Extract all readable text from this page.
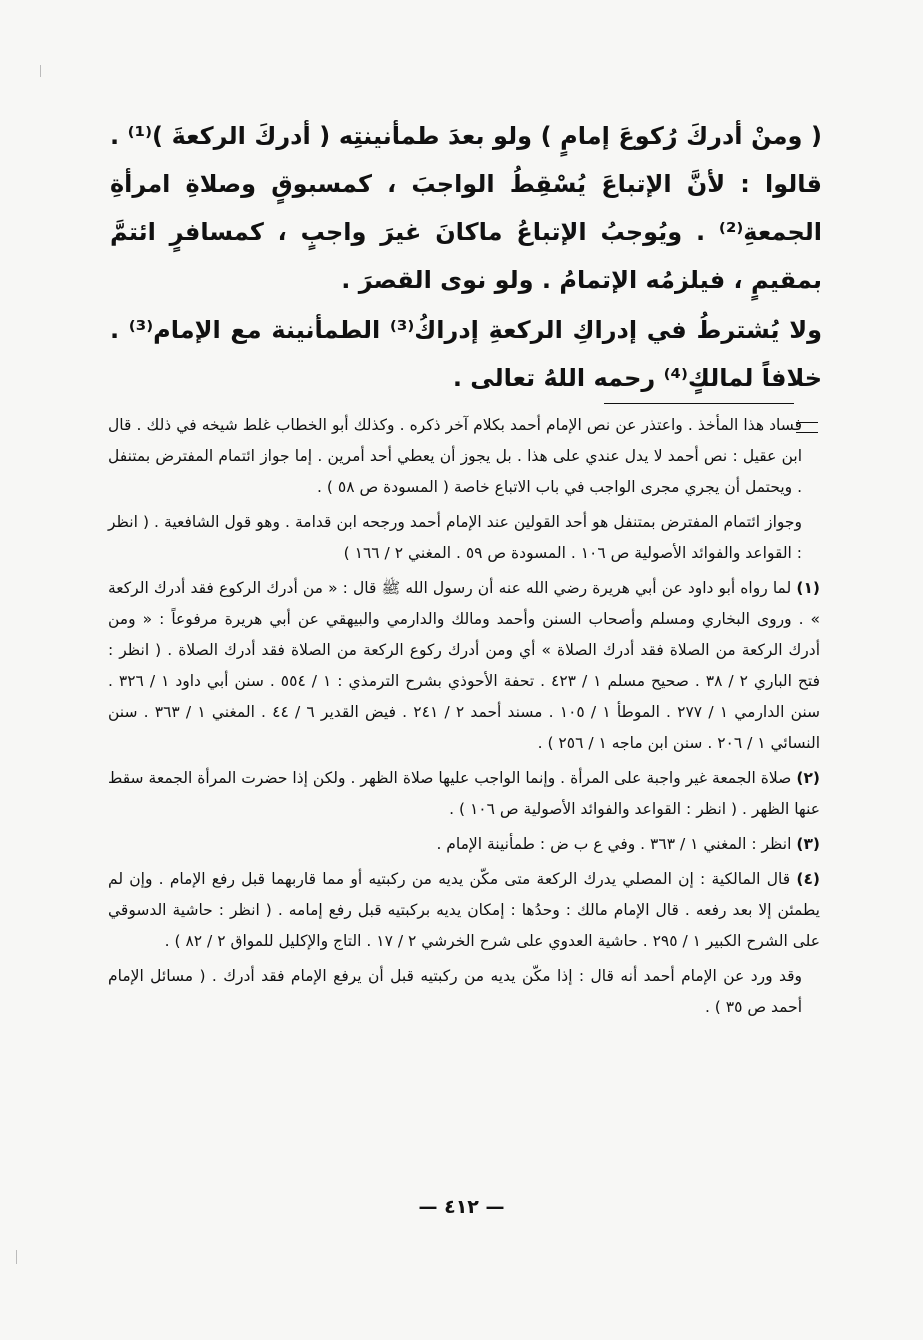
( ومنْ أدركَ رُكوعَ إمامٍ ) ولو بعدَ طمأنينتِه ( أدركَ الركعةَ )⁽¹⁾ . قالوا : لأنَّ الإتباعَ يُسْقِطُ الواجبَ ، كمسبوقٍ وصلاةِ امرأةِ الجمعةِ⁽²⁾ . ويُوجبُ الإتباعُ ماكانَ غيرَ واجبٍ ، كمسافرٍ ائتمَّ بمقيمٍ ، فيلزمُه الإتمامُ . ولو نوى القصرَ .

ولا يُشترطُ في إدراكِ الركعةِ إدراكُ⁽³⁾ الطمأنينة مع الإمام⁽³⁾ . خلافاً لمالكٍ⁽⁴⁾ رحمه اللهُ تعالى .

فساد هذا المأخذ . واعتذر عن نص الإمام أحمد بكلام آخر ذكره . وكذلك أبو الخطاب غلط شيخه في ذلك . قال ابن عقيل : نص أحمد لا يدل عندي على هذا . بل يجوز أن يعطي أحد أمرين . إما جواز ائتمام المفترض بمتنفل . ويحتمل أن يجري مجرى الواجب في باب الاتباع خاصة ( المسودة ص ٥٨ ) .

وجواز ائتمام المفترض بمتنفل هو أحد القولين عند الإمام أحمد ورجحه ابن قدامة . وهو قول الشافعية . ( انظر : القواعد والفوائد الأصولية ص ١٠٦ . المسودة ص ٥٩ . المغني ٢ / ١٦٦ )

(١) لما رواه أبو داود عن أبي هريرة رضي الله عنه أن رسول الله ﷺ قال : « من أدرك الركوع فقد أدرك الركعة » . وروى البخاري ومسلم وأصحاب السنن وأحمد ومالك والدارمي والبيهقي عن أبي هريرة مرفوعاً : « ومن أدرك الركعة من الصلاة فقد أدرك الصلاة » أي ومن أدرك ركوع الركعة من الصلاة فقد أدرك الصلاة . ( انظر : فتح الباري ٢ / ٣٨ . صحيح مسلم ١ / ٤٢٣ . تحفة الأحوذي بشرح الترمذي : ١ / ٥٥٤ . سنن أبي داود ١ / ٣٢٦ . سنن الدارمي ١ / ٢٧٧ . الموطأ ١ / ١٠٥ . مسند أحمد ٢ / ٢٤١ . فيض القدير ٦ / ٤٤ . المغني ١ / ٣٦٣ . سنن النسائي ١ / ٢٠٦ . سنن ابن ماجه ١ / ٢٥٦ ) .

(٢) صلاة الجمعة غير واجبة على المرأة . وإنما الواجب عليها صلاة الظهر . ولكن إذا حضرت المرأة الجمعة سقط عنها الظهر . ( انظر : القواعد والفوائد الأصولية ص ١٠٦ ) .

(٣) انظر : المغني ١ / ٣٦٣ . وفي ع ب ض : طمأنينة الإمام .

(٤) قال المالكية : إن المصلي يدرك الركعة متى مكّن يديه من ركبتيه أو مما قاربهما قبل رفع الإمام . وإن لم يطمئن إلا بعد رفعه . قال الإمام مالك : وحدُها : إمكان يديه بركبتيه قبل رفع إمامه . ( انظر : حاشية الدسوقي على الشرح الكبير ١ / ٢٩٥ . حاشية العدوي على شرح الخرشي ٢ / ١٧ . التاج والإكليل للمواق ٢ / ٨٢ ) .

وقد ورد عن الإمام أحمد أنه قال : إذا مكّن يديه من ركبتيه قبل أن يرفع الإمام فقد أدرك . ( مسائل الإمام أحمد ص ٣٥ ) .

— ٤١٢ —
